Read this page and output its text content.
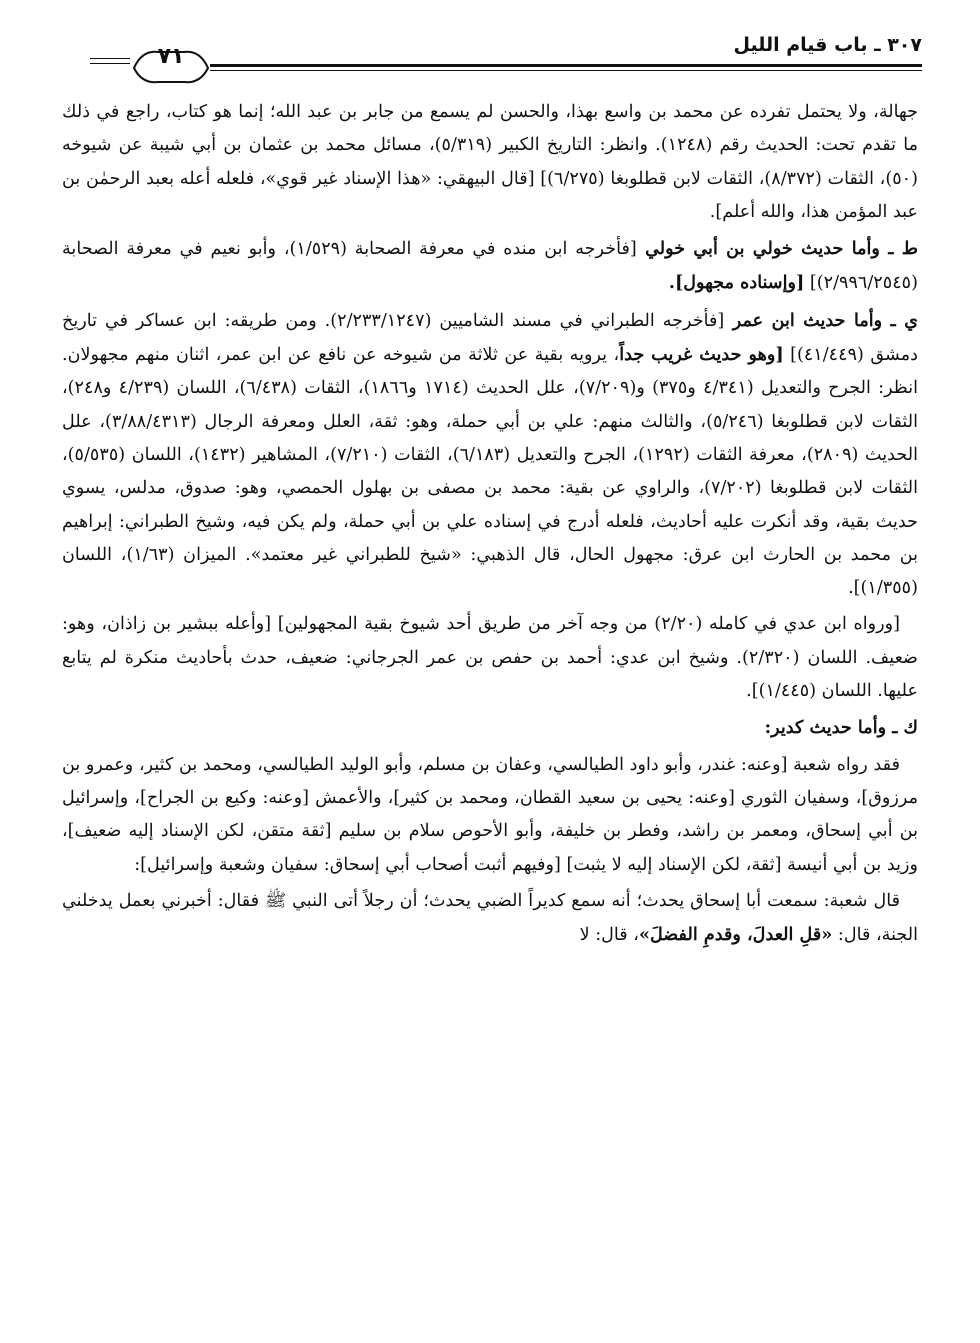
٧١	٣٠٧ ـ باب قيام الليل

جهالة، ولا يحتمل تفرده عن محمد بن واسع بهذا، والحسن لم يسمع من جابر بن عبد الله؛ إنما هو كتاب، راجع في ذلك ما تقدم تحت: الحديث رقم (١٢٤٨). وانظر: التاريخ الكبير (٥/٣١٩)، مسائل محمد بن عثمان بن أبي شيبة عن شيوخه (٥٠)، الثقات (٨/٣٧٢)، الثقات لابن قطلوبغا (٦/٢٧٥)] [قال البيهقي: «هذا الإسناد غير قوي»، فلعله أعله بعبد الرحمٰن بن عبد المؤمن هذا، والله أعلم].

ط ـ وأما حديث خولي بن أبي خولي [فأخرجه ابن منده في معرفة الصحابة (١/٥٢٩)، وأبو نعيم في معرفة الصحابة (٢/٩٩٦/٢٥٤٥)] [وإسناده مجهول].

ي ـ وأما حديث ابن عمر [فأخرجه الطبراني في مسند الشاميين (٢/٢٣٣/١٢٤٧). ومن طريقه: ابن عساكر في تاريخ دمشق (٤١/٤٤٩)] [وهو حديث غريب جداً، يرويه بقية عن ثلاثة من شيوخه عن نافع عن ابن عمر، اثنان منهم مجهولان. انظر: الجرح والتعديل (٤/٣٤١ و٣٧٥) و(٧/٢٠٩)، علل الحديث (١٧١٤ و١٨٦٦)، الثقات (٦/٤٣٨)، اللسان (٤/٢٣٩ و٢٤٨)، الثقات لابن قطلوبغا (٥/٢٤٦)، والثالث منهم: علي بن أبي حملة، وهو: ثقة، العلل ومعرفة الرجال (٣/٨٨/٤٣١٣)، علل الحديث (٢٨٠٩)، معرفة الثقات (١٢٩٢)، الجرح والتعديل (٦/١٨٣)، الثقات (٧/٢١٠)، المشاهير (١٤٣٢)، اللسان (٥/٥٣٥)، الثقات لابن قطلوبغا (٧/٢٠٢)، والراوي عن بقية: محمد بن مصفى بن بهلول الحمصي، وهو: صدوق، مدلس، يسوي حديث بقية، وقد أنكرت عليه أحاديث، فلعله أدرج في إسناده علي بن أبي حملة، ولم يكن فيه، وشيخ الطبراني: إبراهيم بن محمد بن الحارث ابن عرق: مجهول الحال، قال الذهبي: «شيخ للطبراني غير معتمد». الميزان (١/٦٣)، اللسان (١/٣٥٥)].

[ورواه ابن عدي في كامله (٢/٢٠) من وجه آخر من طريق أحد شيوخ بقية المجهولين] [وأعله ببشير بن زاذان، وهو: ضعيف. اللسان (٢/٣٢٠). وشيخ ابن عدي: أحمد بن حفص بن عمر الجرجاني: ضعيف، حدث بأحاديث منكرة لم يتابع عليها. اللسان (١/٤٤٥)].

ك ـ وأما حديث كدير:

فقد رواه شعبة [وعنه: غندر، وأبو داود الطيالسي، وعفان بن مسلم، وأبو الوليد الطيالسي، ومحمد بن كثير، وعمرو بن مرزوق]، وسفيان الثوري [وعنه: يحيى بن سعيد القطان، ومحمد بن كثير]، والأعمش [وعنه: وكيع بن الجراح]، وإسرائيل بن أبي إسحاق، ومعمر بن راشد، وفطر بن خليفة، وأبو الأحوص سلام بن سليم [ثقة متقن، لكن الإسناد إليه ضعيف]، وزيد بن أبي أنيسة [ثقة، لكن الإسناد إليه لا يثبت] [وفيهم أثبت أصحاب أبي إسحاق: سفيان وشعبة وإسرائيل]:

قال شعبة: سمعت أبا إسحاق يحدث؛ أنه سمع كديراً الضبي يحدث؛ أن رجلاً أتى النبي ﷺ فقال: أخبرني بعمل يدخلني الجنة، قال: «قلِ العدلَ، وقدمِ الفضلَ»، قال: لا
